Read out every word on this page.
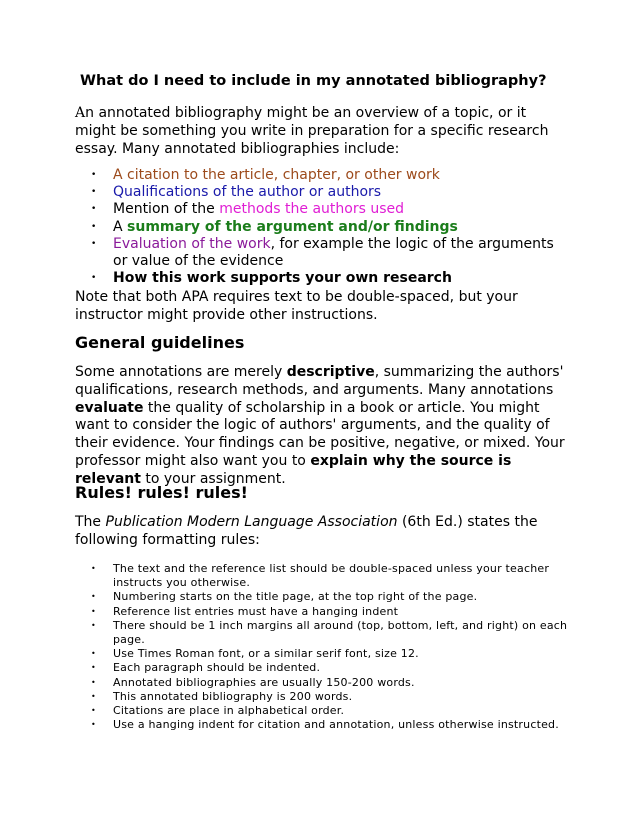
What do I need to include in my annotated bibliography?

An annotated bibliography might be an overview of a topic, or it might be something you write in preparation for a specific research essay. Many annotated bibliographies include:

• A citation to the article, chapter, or other work
• Qualifications of the author or authors
• Mention of the methods the authors used
• A summary of the argument and/or findings
• Evaluation of the work, for example the logic of the arguments or value of the evidence
• How this work supports your own research

Note that both APA requires text to be double-spaced, but your instructor might provide other instructions.

General guidelines

Some annotations are merely descriptive, summarizing the authors' qualifications, research methods, and arguments. Many annotations evaluate the quality of scholarship in a book or article. You might want to consider the logic of authors' arguments, and the quality of their evidence. Your findings can be positive, negative, or mixed. Your professor might also want you to explain why the source is relevant to your assignment.

Rules! rules! rules!

The Publication Modern Language Association (6th Ed.) states the following formatting rules:

• The text and the reference list should be double-spaced unless your teacher instructs you otherwise.
• Numbering starts on the title page, at the top right of the page.
• Reference list entries must have a hanging indent
• There should be 1 inch margins all around (top, bottom, left, and right) on each page.
• Use Times Roman font, or a similar serif font, size 12.
• Each paragraph should be indented.
• Annotated bibliographies are usually 150-200 words.
• This annotated bibliography is 200 words.
• Citations are place in alphabetical order.
• Use a hanging indent for citation and annotation, unless otherwise instructed.
